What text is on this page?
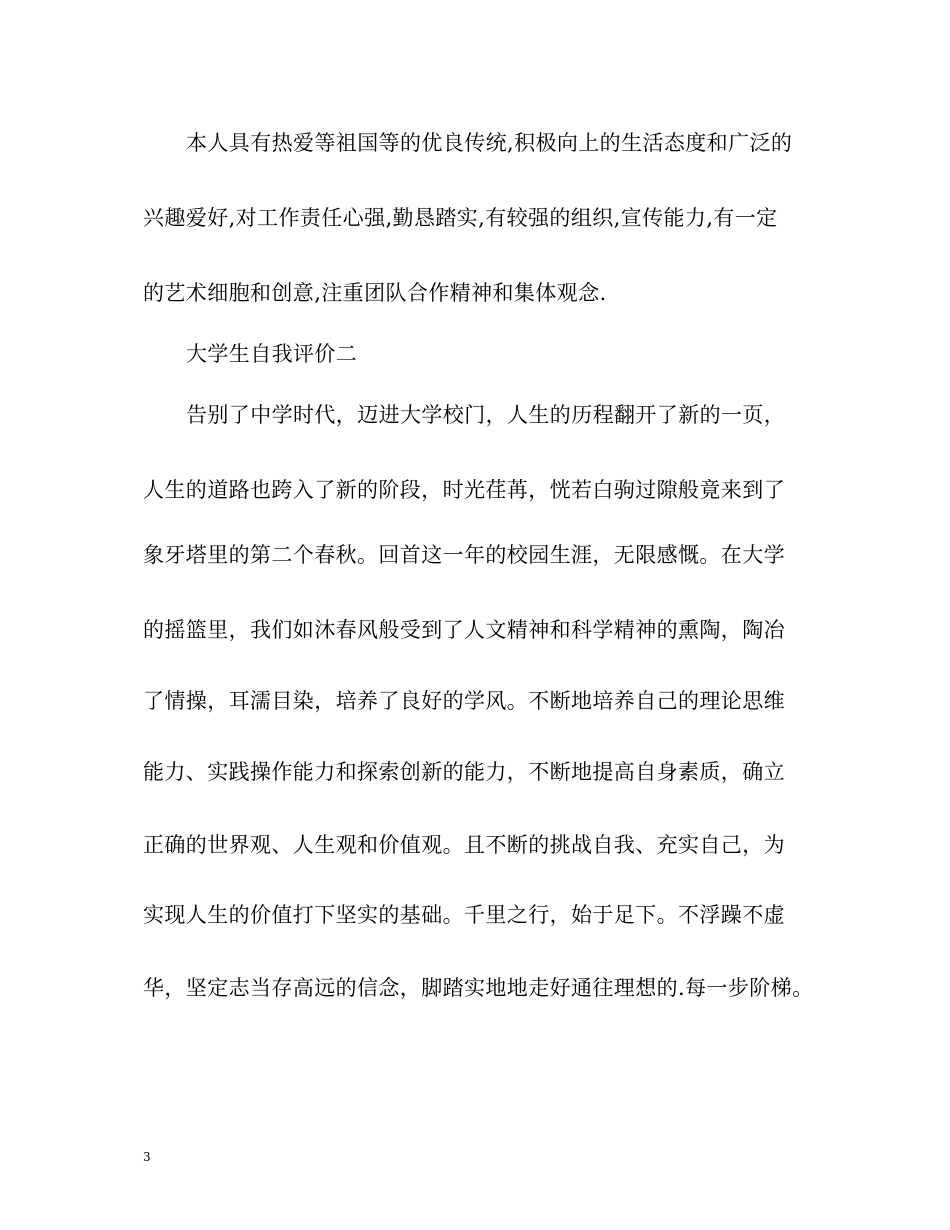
本人具有热爱等祖国等的优良传统,积极向上的生活态度和广泛的
兴趣爱好,对工作责任心强,勤恳踏实,有较强的组织,宣传能力,有一定
的艺术细胞和创意,注重团队合作精神和集体观念.
大学生自我评价二
告别了中学时代，迈进大学校门，人生的历程翻开了新的一页，
人生的道路也跨入了新的阶段，时光荏苒，恍若白驹过隙般竟来到了
象牙塔里的第二个春秋。回首这一年的校园生涯，无限感慨。在大学
的摇篮里，我们如沐春风般受到了人文精神和科学精神的熏陶，陶冶
了情操，耳濡目染，培养了良好的学风。不断地培养自己的理论思维
能力、实践操作能力和探索创新的能力，不断地提高自身素质，确立
正确的世界观、人生观和价值观。且不断的挑战自我、充实自己，为
实现人生的价值打下坚实的基础。千里之行，始于足下。不浮躁不虚
华，坚定志当存高远的信念，脚踏实地地走好通往理想的.每一步阶梯。
3
